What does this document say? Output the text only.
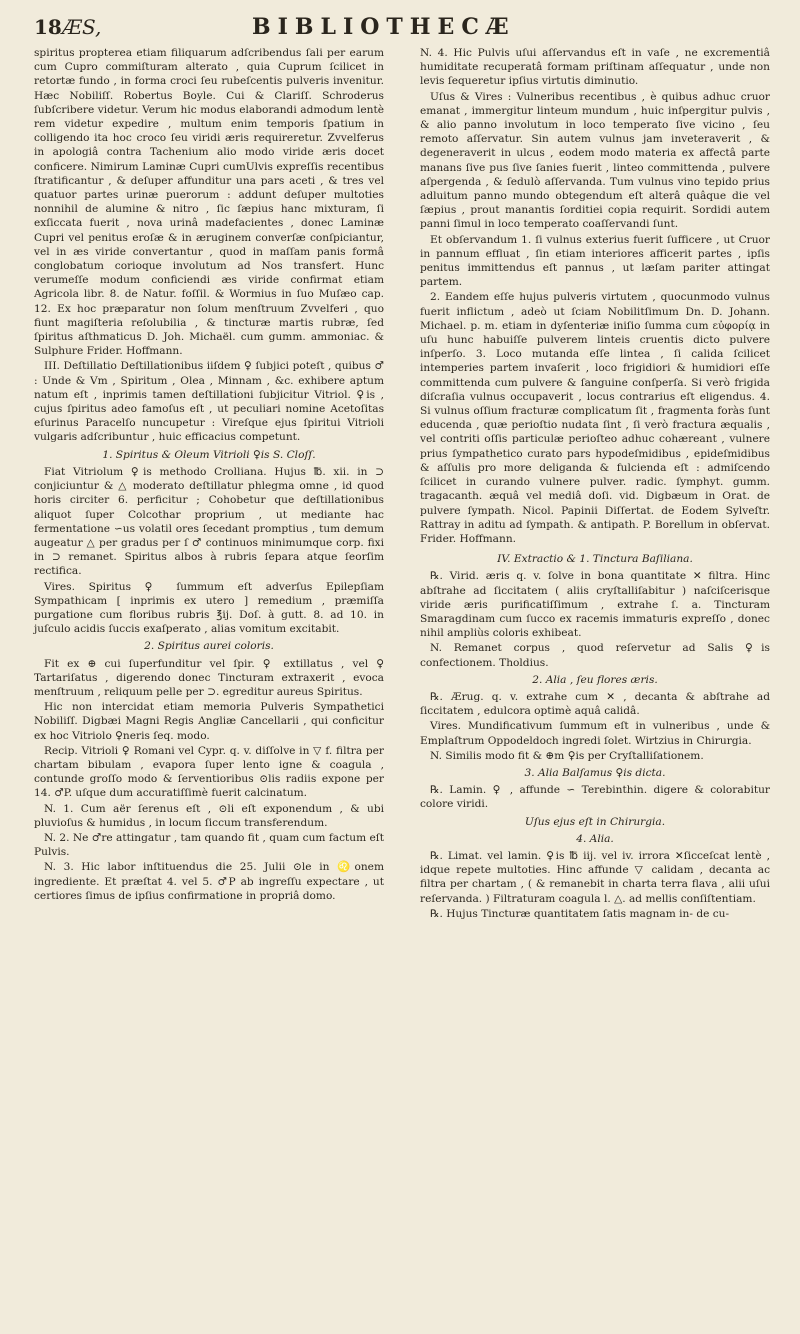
18 ÆS,	BIBLIOTHECÆ

spiritus propterea etiam filiquarum adſcribendus ſali per earum cum Cupro commiſturam alterato , quia Cuprum ſcilicet in retortæ fundo , in forma croci ſeu rubeſcentis pulveris invenitur. Hæc Nobiliſſ. Robertus Boyle. Cui & Clariſſ. Schroderus ſubſcribere videtur. Verum hic modus elaborandi admodum lentè rem videtur expedire , multum enim temporis ſpatium in colligendo ita hoc croco ſeu viridi æris requireretur. Zvvelferus in apologiâ contra Tachenium alio modo viride æris docet conficere. Nimirum Laminæ Cupri cumUlvis expreſſis recentibus ſtratificantur , & deſuper affunditur una pars aceti , & tres vel quatuor partes urinæ puerorum : addunt deſuper multoties nonnihil de alumine & nitro , ſic ſæpius hanc mixturam, ſi exſiccata fuerit , nova urinâ madefacientes , donec Laminæ Cupri vel penitus eroſæ & in æruginem converſæ conſpiciantur, vel in æs viride convertantur , quod in maſſam panis formâ conglobatum corioque involutum ad Nos transfert. Hunc verumeſſe modum conficiendi æs viride confirmat etiam Agricola libr. 8. de Natur. foſſil. & Wormius in ſuo Muſæo cap. 12. Ex hoc præparatur non ſolum menſtruum Zvvelferi , quo fiunt magiſteria reſolubilia , & tincturæ martis rubræ, ſed ſpiritus aſthmaticus D. Joh. Michaël. cum gumm. ammoniac. & Sulphure Frider. Hoffmann.

III. Deſtillatio Deſtillationibus iiſdem ♀ ſubjici poteſt , quibus ♂ : Unde & Vm , Spiritum , Olea , Minnam , &c. exhibere aptum natum eſt , inprimis tamen deſtillationi ſubjicitur Vitriol. ♀is , cujus ſpiritus adeo famoſus eſt , ut peculiari nomine Acetoſitas eſurinus Paracelſo nuncupetur : Vireſque ejus ſpiritui Vitrioli vulgaris adſcribuntur , huic efficacius competunt.

1. Spiritus & Oleum Vitrioli ♀is S. Cloſſ.

Fiat Vitriolum ♀is methodo Crolliana. Hujus ℔. xii. in ⊃ conjiciuntur & △ moderato deſtillatur phlegma omne , id quod horis circiter 6. perficitur ; Cohobetur que deſtillationibus aliquot ſuper Colcothar proprium , ut mediante hac fermentatione ∽us volatil ores ſecedant promptius , tum demum augeatur △ per gradus per ſ ♂ continuos minimumque corp. fixi in ⊃ remanet. Spiritus albos à rubris ſepara atque ſeorſim rectifica.

Vires. Spiritus ♀ ſummum eſt adverſus Epilepſiam Sympathicam [ inprimis ex utero ] remedium , præmiſſa purgatione cum floribus rubris ℥ij. Doſ. à gutt. 8. ad 10. in juſculo acidis ſuccis exaſperato , alias vomitum excitabit.

2. Spiritus aurei coloris.

Fit ex ⊕ cui ſuperfunditur vel ſpir. ♀ extillatus , vel ♀ Tartariſatus , digerendo donec Tincturam extraxerit , evoca menſtruum , reliquum pelle per ⊃. egreditur aureus Spiritus.

Hic non intercidat etiam memoria Pulveris Sympathetici Nobiliſſ. Digbæi Magni Regis Angliæ Cancellarii , qui conficitur ex hoc Vitriolo ♀neris ſeq. modo.

Recip. Vitrioli ♀ Romani vel Cypr. q. v. diſſolve in ▽ f. filtra per chartam bibulam , evapora ſuper lento igne & coagula , contunde groſſo modo & ſerventioribus ⊙lis radiis expone per 14. ♂P. uſque dum accuratiſſimè fuerit calcinatum.

N. 1. Cum aër ſerenus eſt , ⊙li eſt exponendum , & ubi pluvioſus & humidus , in locum ſiccum transferendum.

N. 2. Ne ♂re attingatur , tam quando fit , quam cum factum eſt Pulvis.

N. 3. Hic labor inſtituendus die 25. Julii ⊙le in ♌onem ingrediente. Et præſtat 4. vel 5. ♂P ab ingreſſu expectare , ut certiores ſimus de ipſius confirmatione in propriâ domo.

N. 4. Hic Pulvis uſui aſſervandus eſt in vaſe , ne excrementiâ humiditate recuperatâ formam priſtinam aſſequatur , unde non levis ſequeretur ipſius virtutis diminutio.

Uſus & Vires : Vulneribus recentibus , è quibus adhuc cruor emanat , immergitur linteum mundum , huic inſpergitur pulvis , & alio panno involutum in loco temperato ſive vicino , ſeu remoto aſſervatur. Sin autem vulnus jam inveteraverit , & degeneraverit in ulcus , eodem modo materia ex affectâ parte manans ſive pus ſive ſanies fuerit , linteo committenda , pulvere aſpergenda , & ſedulò aſſervanda. Tum vulnus vino tepido prius adluitum panno mundo obtegendum eſt alterâ quâque die vel ſæpius , prout manantis ſorditiei copia requirit. Sordidi autem panni ſimul in loco temperato coaſſervandi ſunt.

Et obſervandum 1. ſi vulnus exterius fuerit ſufficere , ut Cruor in pannum effluat , ſin etiam interiores afficerit partes , ipſis penitus immittendus eſt pannus , ut læſam pariter attingat partem.

2. Eandem eſſe hujus pulveris virtutem , quocunmodo vulnus fuerit inflictum , adeò ut ſciam Nobilitſimum Dn. D. Johann. Michael. p. m. etiam in dyſenteriæ iniſio ſumma cum εὐφορίᾳ in uſu hunc habuiſſe pulverem linteis cruentis dicto pulvere inſperſo. 3. Loco mutanda eſſe lintea , ſi calida ſcilicet intemperies partem invaſerit , loco frigidiori & humidiori eſſe committenda cum pulvere & ſanguine conſperſa. Si verò frigida diſcraſia vulnus occupaverit , locus contrarius eſt eligendus. 4. Si vulnus oſſium fracturæ complicatum ſit , fragmenta foràs ſunt educenda , quæ perioſtio nudata ſint , ſi verò fractura æqualis , vel contriti oſſis particulæ perioſteo adhuc cohæreant , vulnere prius ſympathetico curato pars hypodeſmidibus , epideſmidibus & aſſulis pro more deliganda & fulcienda eſt : admiſcendo ſcilicet in curando vulnere pulver. radic. ſymphyt. gumm. tragacanth. æquâ vel mediâ doſi. vid. Digbæum in Orat. de pulvere ſympath. Nicol. Papinii Diſſertat. de Eodem Sylveſtr. Rattray in aditu ad ſympath. & antipath. P. Borellum in obſervat. Frider. Hoffmann.

IV. Extractio & 1. Tinctura Baſiliana.

℞. Virid. æris q. v. ſolve in bona quantitate ✕ filtra. Hinc abſtrahe ad ſiccitatem ( aliis cryſtalliſabitur ) naſciſcerisque viride æris purificatiſſimum , extrahe ſ. a. Tincturam Smaragdinam cum ſucco ex racemis immaturis expreſſo , donec nihil ampliùs coloris exhibeat.

N. Remanet corpus , quod reſervetur ad Salis ♀is confectionem. Tholdius.

2. Alia , ſeu flores æris.

℞. Ærug. q. v. extrahe cum ✕ , decanta & abſtrahe ad ſiccitatem , edulcora optimè aquâ calidâ.

Vires. Mundificativum ſummum eſt in vulneribus , unde & Emplaſtrum Oppodeldoch ingredi ſolet. Wirtzius in Chirurgia.

N. Similis modo fit & ⊕m ♀is per Cryſtalliſationem.

3. Alia Balſamus ♀is dicta.

℞. Lamin. ♀ , affunde ∽ Terebinthin. digere & colorabitur colore viridi.

Uſus ejus eſt in Chirurgia.

4. Alia.

℞. Limat. vel lamin. ♀is ℔ iij. vel iv. irrora ✕ſicceſcat lentè , idque repete multoties. Hinc affunde ▽ calidam , decanta ac filtra per chartam , ( & remanebit in charta terra flava , alii uſui reſervanda. ) Filtraturam coagula l. △. ad mellis conſiſtentiam.

℞. Hujus Tincturæ quantitatem ſatis magnam in- de cu-
